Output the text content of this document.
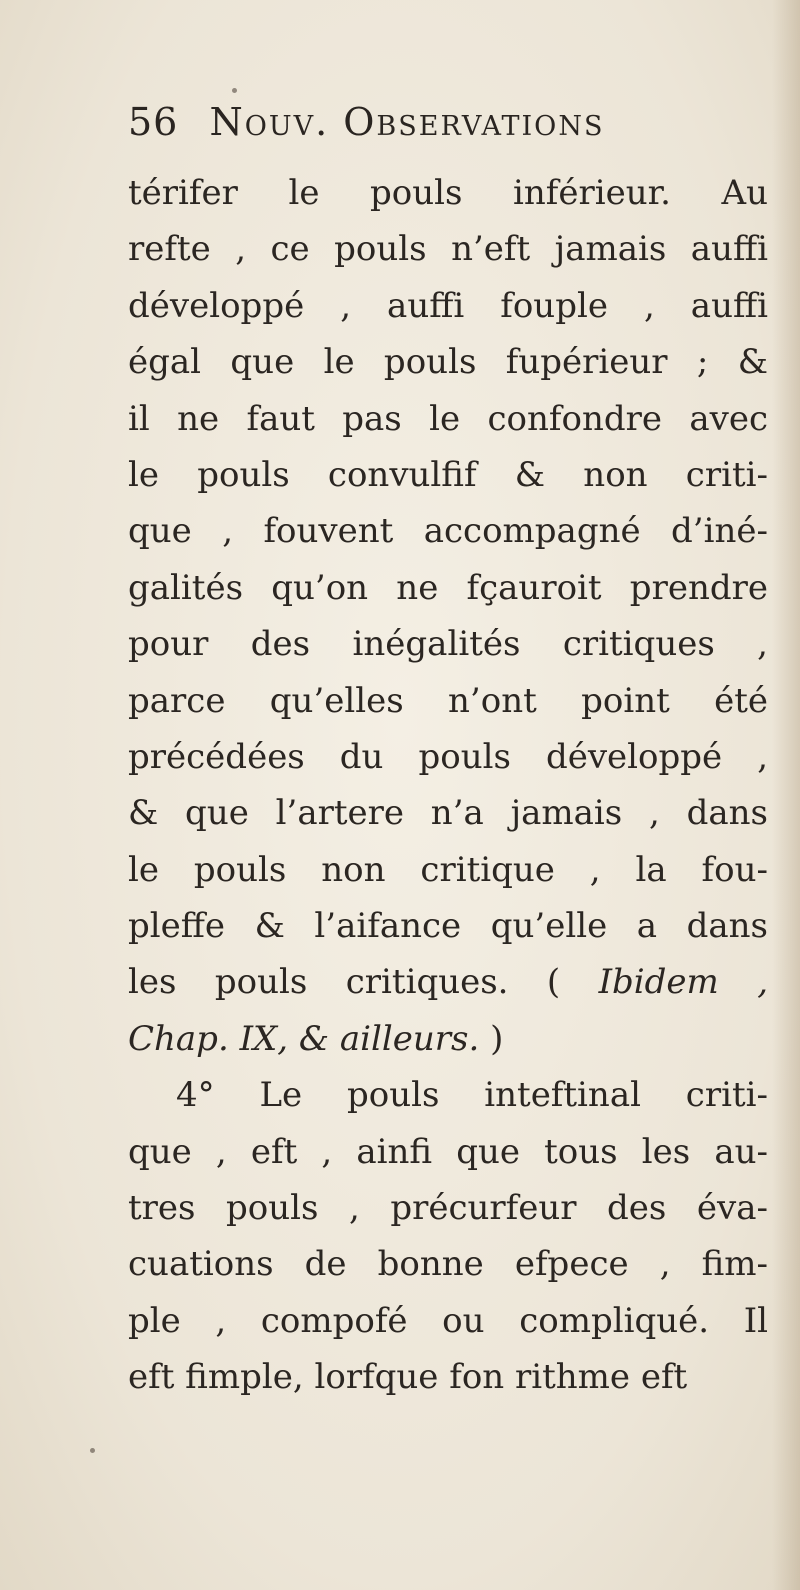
56 Nouv. Observations
térifer le pouls inférieur. Au
refte , ce pouls n’eft jamais auffi
développé , auffi fouple , auffi
égal que le pouls fupérieur ; &
il ne faut pas le confondre avec
le pouls convulfif & non criti-
que , fouvent accompagné d’iné-
galités qu’on ne fçauroit prendre
pour des inégalités critiques ,
parce qu’elles n’ont point été
précédées du pouls développé ,
& que l’artere n’a jamais , dans
le pouls non critique , la fou-
pleffe & l’aifance qu’elle a dans
les pouls critiques. ( Ibidem ,
Chap. IX, & ailleurs. )
4° Le pouls inteftinal criti-
que , eft , ainfi que tous les au-
tres pouls , précurfeur des éva-
cuations de bonne efpece , fim-
ple , compofé ou compliqué. Il
eft fimple, lorfque fon rithme eft
